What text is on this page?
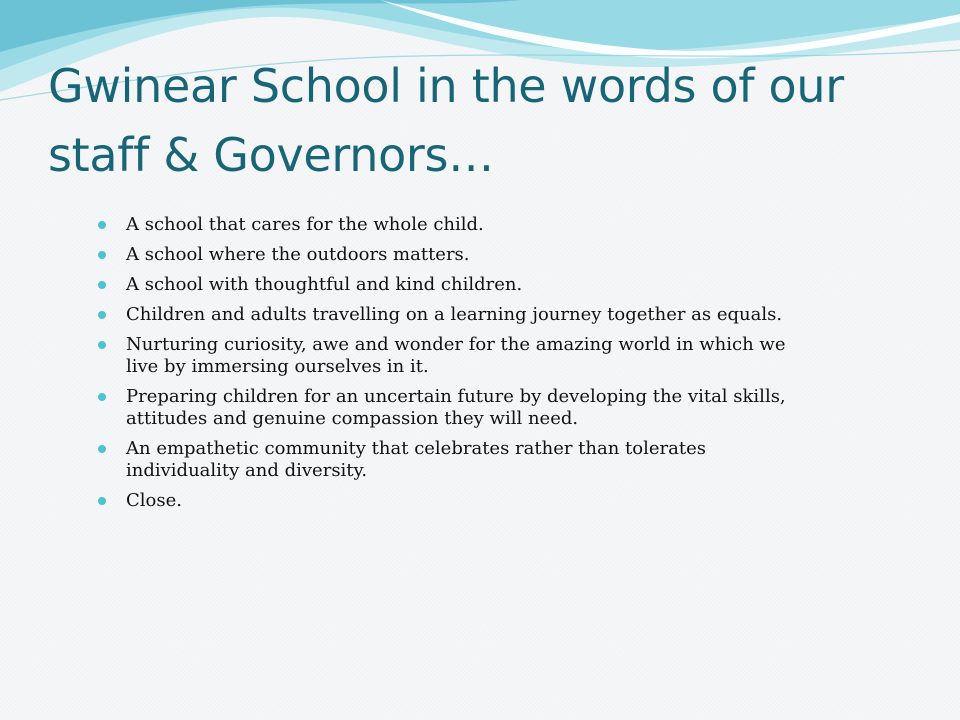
Gwinear School in the words of our
staff & Governors…
A school that cares for the whole child.
A school where the outdoors matters.
A school with thoughtful and kind children.
Children and adults travelling on a learning journey together as equals.
Nurturing curiosity, awe and wonder for the amazing world in which we live by immersing ourselves in it.
Preparing children for an uncertain future by developing the vital skills, attitudes and genuine compassion they will need.
An empathetic community that celebrates rather than tolerates individuality and diversity.
Close.
